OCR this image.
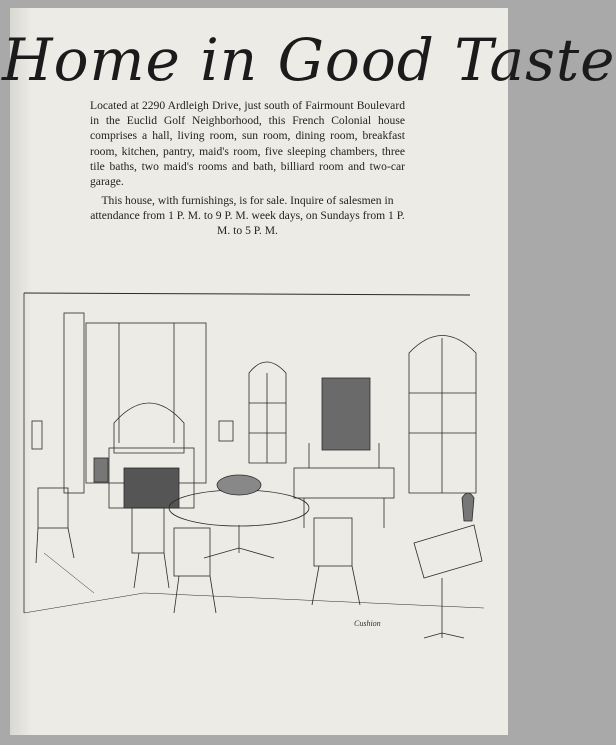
Home in Good Taste
Located at 2290 Ardleigh Drive, just south of Fairmount Boulevard in the Euclid Golf Neighborhood, this French Colonial house comprises a hall, living room, sun room, dining room, breakfast room, kitchen, pantry, maid's room, five sleeping chambers, three tile baths, two maid's rooms and bath, billiard room and two-car garage.
This house, with furnishings, is for sale. Inquire of salesmen in attendance from 1 P. M. to 9 P. M. week days, on Sundays from 1 P. M. to 5 P. M.
Cushion
